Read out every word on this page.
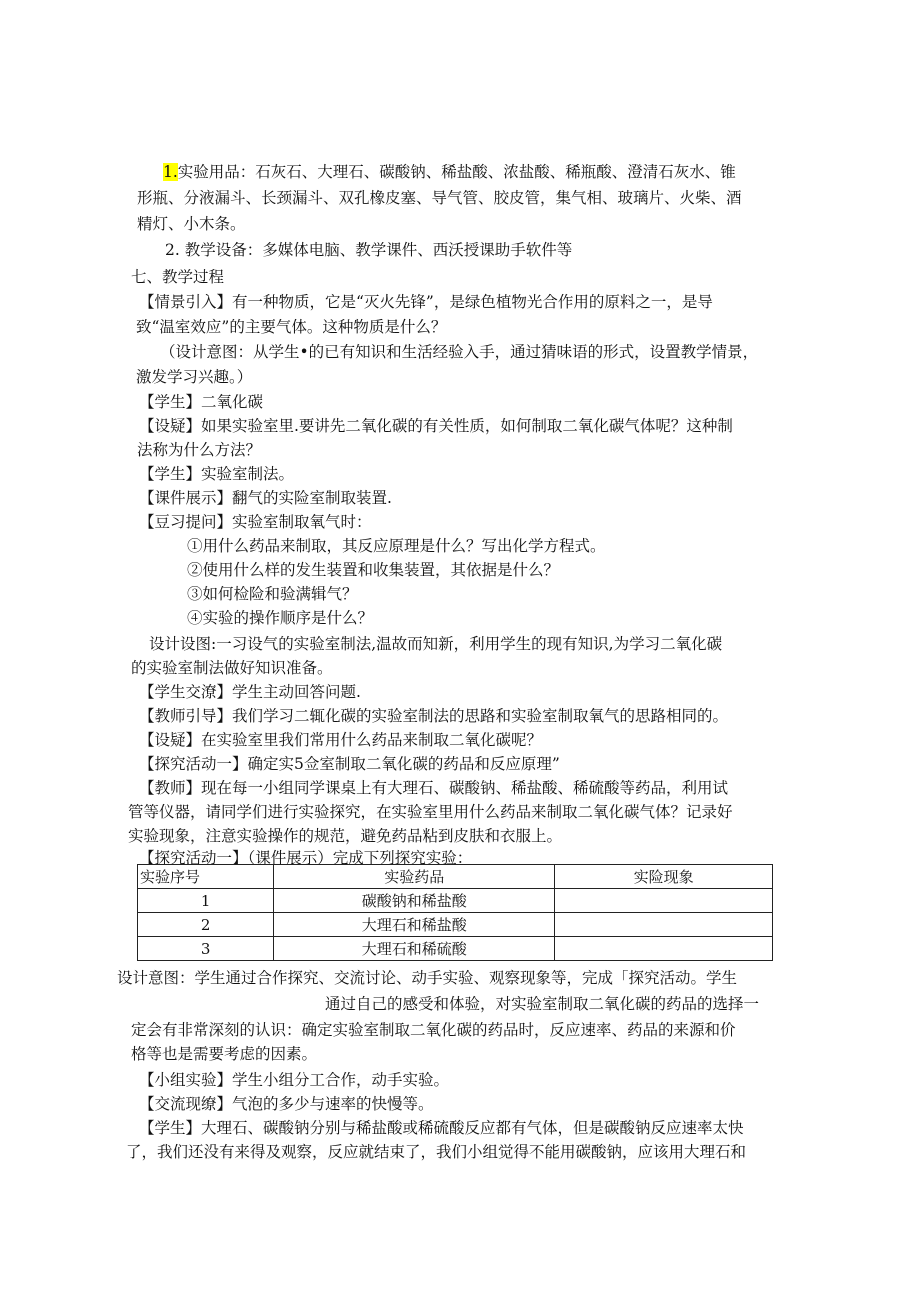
1.实验用品：石灰石、大理石、碳酸钠、稀盐酸、浓盐酸、稀瓶酸、澄清石灰水、锥
形瓶、分液漏斗、长颈漏斗、双孔橡皮塞、导气管、胶皮管，集气相、玻璃片、火柴、酒
精灯、小木条。
2. 教学设备：多媒体电脑、教学课件、西沃授课助手软件等
七、教学过程
【情景引入】有一种物质，它是“灭火先锋”，是绿色植物光合作用的原料之一，是导
致“温室效应”的主要气体。这种物质是什么？
（设计意图：从学生•的已有知识和生活经验入手，通过猜味语的形式，设置教学情景，
激发学习兴趣。）
【学生】二氧化碳
【设疑】如果实验室里.要讲先二氧化碳的有关性质，如何制取二氧化碳气体呢？这种制
法称为什么方法？
【学生】实验室制法。
【课件展示】翻气的实险室制取装置.
【豆习提问】实验室制取氧气时：
①用什么药品来制取，其反应原理是什么？写出化学方程式。
②使用什么样的发生装置和收集装置，其依据是什么？
③如何检险和验满辑气？
④实验的操作顺序是什么？
设计设图:一习设气的实验室制法,温故而知新，利用学生的现有知识,为学习二氧化碳
的实验室制法做好知识准备。
【学生交潦】学生主动回答问题.
【教师引导】我们学习二辄化碳的实验室制法的思路和实验室制取氧气的思路相同的。
【设疑】在实验室里我们常用什么药品来制取二氧化碳呢？
【探究活动一】确定实5佥室制取二氧化碳的药品和反应原理”
【教师】现在每一小组同学课桌上有大理石、碳酸钠、稀盐酸、稀硫酸等药品，利用试
管等仪器，请同学们进行实验探究，在实验室里用什么药品来制取二氧化碳气体？记录好
实验现象，注意实验操作的规范，避免药品粘到皮肤和衣服上。
【探究活动一】（课件展示）完成下列探究实验：
实验序号	实验药品	实险现象
1	碳酸钠和稀盐酸	
2	大理石和稀盐酸	
3	大理石和稀硫酸	
设计意图：学生通过合作探究、交流讨论、动手实验、观察现象等，完成「探究活动。学生
通过自己的感受和体验，对实验室制取二氧化碳的药品的选择一
定会有非常深刻的认识：确定实验室制取二氧化碳的药品时，反应速率、药品的来源和价
格等也是需要考虑的因素。
【小组实验】学生小组分工合作，动手实验。
【交流现缭】气泡的多少与速率的快慢等。
【学生】大理石、碳酸钠分别与稀盐酸或稀硫酸反应都有气体，但是碳酸钠反应速率太快
了，我们还没有来得及观察，反应就结束了，我们小组觉得不能用碳酸钠，应该用大理石和
